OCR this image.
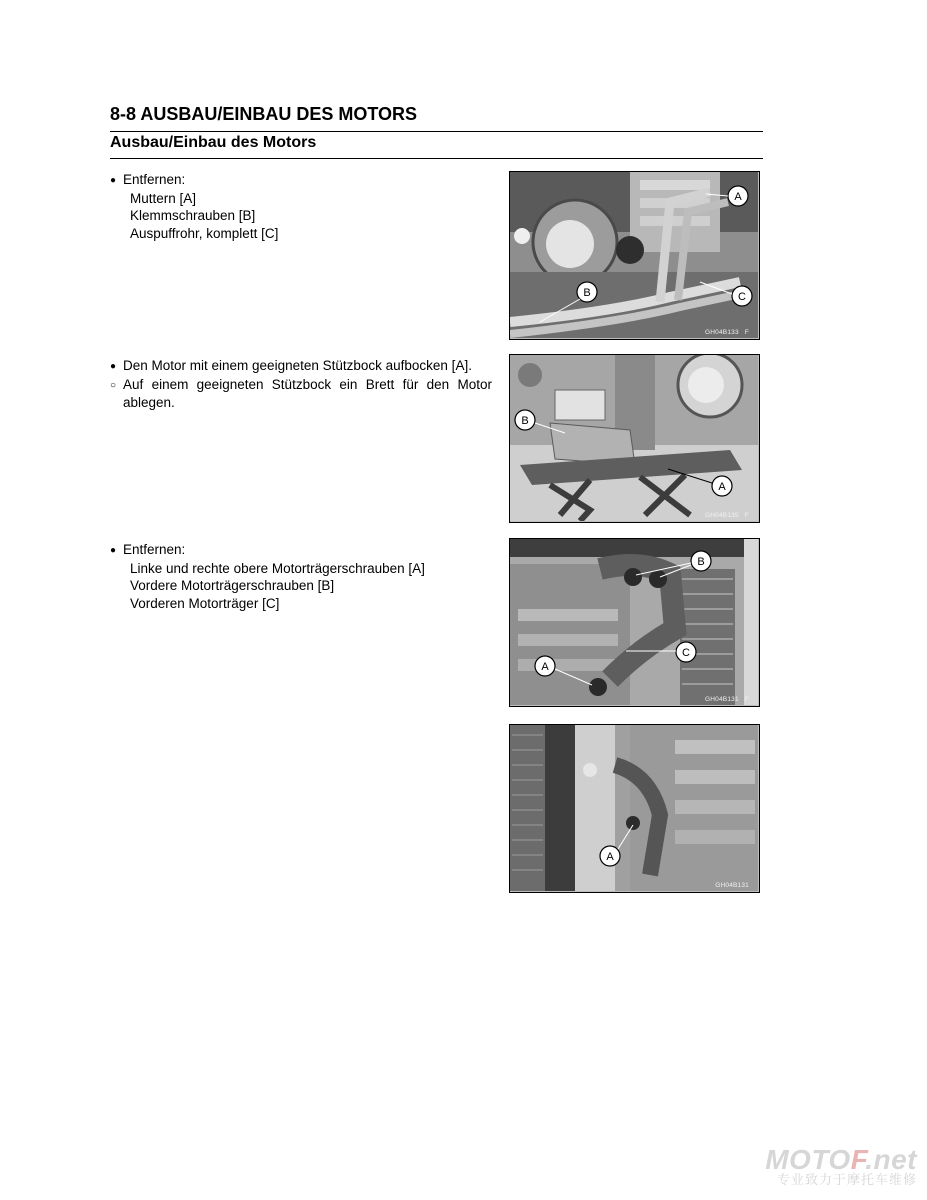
8-8 AUSBAU/EINBAU DES MOTORS
Ausbau/Einbau des Motors
● Entfernen:
Muttern [A]
Klemmschrauben [B]
Auspuffrohr, komplett [C]
● Den Motor mit einem geeigneten Stützbock aufbocken [A].
○ Auf einem geeigneten Stützbock ein Brett für den Motor ablegen.
● Entfernen:
Linke und rechte obere Motorträgerschrauben [A]
Vordere Motorträgerschrauben [B]
Vorderen Motorträger [C]
A
B	C
GH04B133 F
B
A
GH04B135 F
B
C
A
GH04B131 F
A
GH04B131
MOTOF.net
专业致力于摩托车维修
